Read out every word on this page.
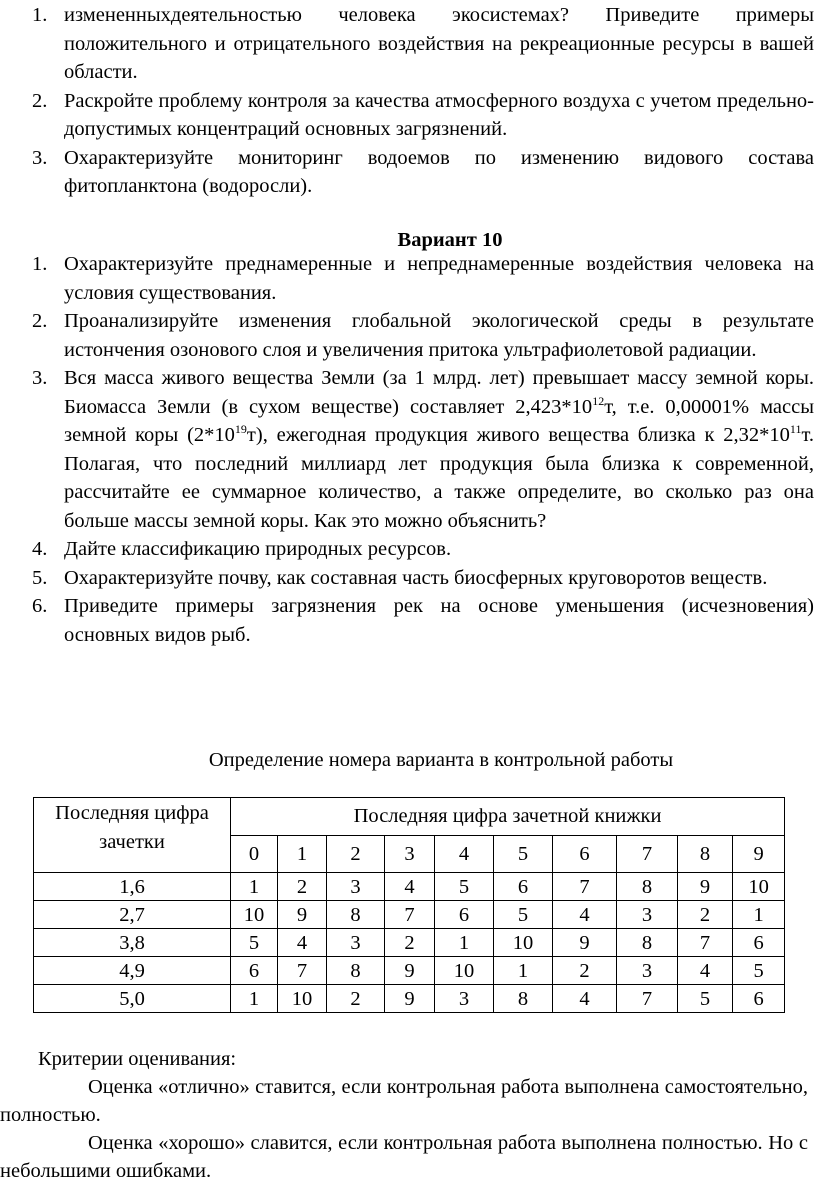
1. измененныхдеятельностью человека экосистемах? Приведите примеры положительного и отрицательного воздействия на рекреационные ресурсы в вашей области.
2. Раскройте проблему контроля за качества атмосферного воздуха с учетом предельно- допустимых концентраций основных загрязнений.
3. Охарактеризуйте мониторинг водоемов по изменению видового состава фитопланктона (водоросли).
Вариант 10
1. Охарактеризуйте преднамеренные и непреднамеренные воздействия человека на условия существования.
2. Проанализируйте изменения глобальной экологической среды в результате истончения озонового слоя и увеличения притока ультрафиолетовой радиации.
3. Вся масса живого вещества Земли (за 1 млрд. лет) превышает массу земной коры. Биомасса Земли (в сухом веществе) составляет $2,423*10^{12}т$, т.е. 0,00001% массы земной коры $(2*10^{19}т)$, ежегодная продукция живого вещества близка к $2,32*10^{11}т$. Полагая, что последний миллиард лет продукция была близка к современной, рассчитайте ее суммарное количество, а также определите, во сколько раз она больше массы земной коры. Как это можно объяснить?
4. Дайте классификацию природных ресурсов.
5. Охарактеризуйте почву, как составная часть биосферных круговоротов веществ.
6. Приведите примеры загрязнения рек на основе уменьшения (исчезновения) основных видов рыб.
Определение номера варианта в контрольной работы
Последняя цифра зачетки	Последняя цифра зачетной книжки									
	0	1	2	3	4	5	6	7	8	9
1,6	1	2	3	4	5	6	7	8	9	10
2,7	10	9	8	7	6	5	4	3	2	1
3,8	5	4	3	2	1	10	9	8	7	6
4,9	6	7	8	9	10	1	2	3	4	5
5,0	1	10	2	9	3	8	4	7	5	6
Критерии оценивания:

Оценка «отлично» ставится, если контрольная работа выполнена самостоятельно, полностью.

Оценка «хорошо» славится, если контрольная работа выполнена полностью. Но с небольшими ошибками.
